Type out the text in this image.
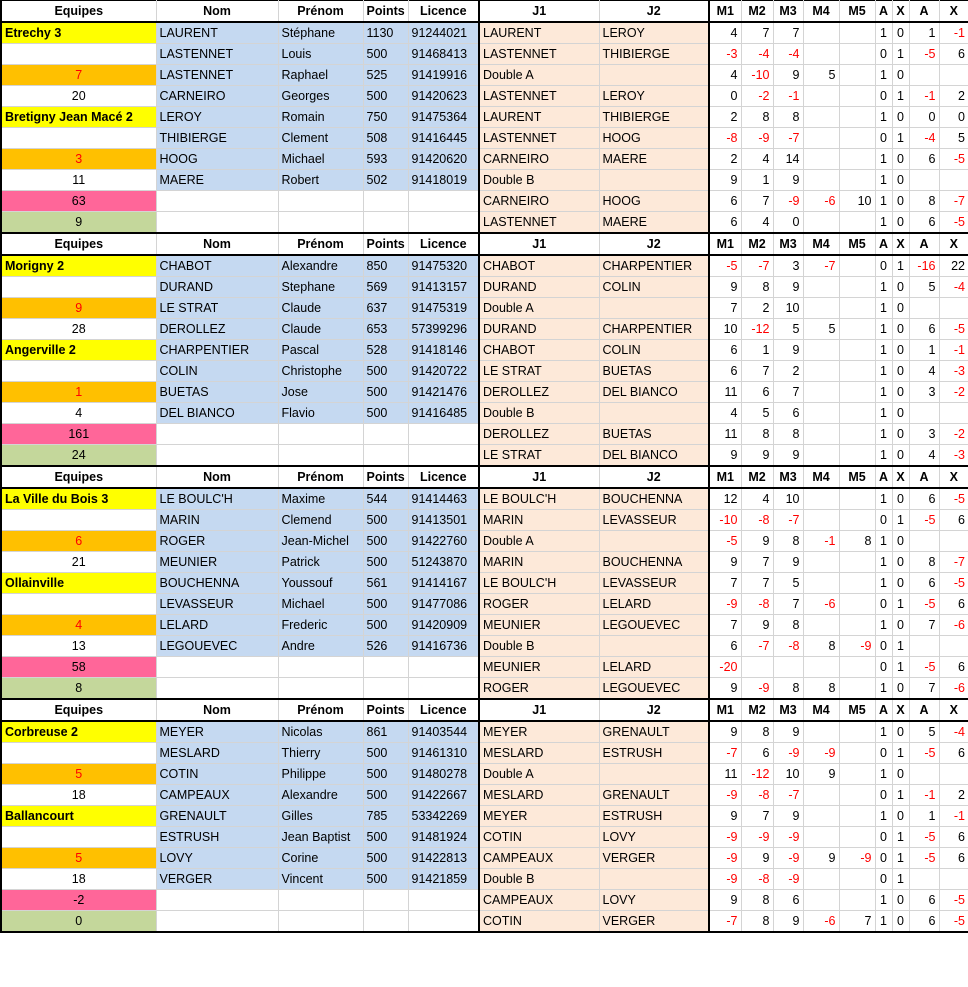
Equipes	Nom	Prénom	Points	Licence	J1	J2	M1	M2	M3	M4	M5	A	X	A	X
Etrechy 3	LAURENT	Stéphane	1130	91244021	LAURENT	LEROY	4	7	7			1	0	1	-1
	LASTENNET	Louis	500	91468413	LASTENNET	THIBIERGE	-3	-4	-4			0	1	-5	6
7	LASTENNET	Raphael	525	91419916	Double A		4	-10	9	5		1	0		
20	CARNEIRO	Georges	500	91420623	LASTENNET	LEROY	0	-2	-1			0	1	-1	2
Bretigny Jean Macé 2	LEROY	Romain	750	91475364	LAURENT	THIBIERGE	2	8	8			1	0	0	0
	THIBIERGE	Clement	508	91416445	LASTENNET	HOOG	-8	-9	-7			0	1	-4	5
3	HOOG	Michael	593	91420620	CARNEIRO	MAERE	2	4	14			1	0	6	-5
11	MAERE	Robert	502	91418019	Double B		9	1	9			1	0		
63					CARNEIRO	HOOG	6	7	-9	-6	10	1	0	8	-7
9					LASTENNET	MAERE	6	4	0			1	0	6	-5
Equipes	Nom	Prénom	Points	Licence	J1	J2	M1	M2	M3	M4	M5	A	X	A	X
Morigny 2	CHABOT	Alexandre	850	91475320	CHABOT	CHARPENTIER	-5	-7	3	-7		0	1	-16	22
	DURAND	Stephane	569	91413157	DURAND	COLIN	9	8	9			1	0	5	-4
9	LE STRAT	Claude	637	91475319	Double A		7	2	10			1	0		
28	DEROLLEZ	Claude	653	57399296	DURAND	CHARPENTIER	10	-12	5	5		1	0	6	-5
Angerville 2	CHARPENTIER	Pascal	528	91418146	CHABOT	COLIN	6	1	9			1	0	1	-1
	COLIN	Christophe	500	91420722	LE STRAT	BUETAS	6	7	2			1	0	4	-3
1	BUETAS	Jose	500	91421476	DEROLLEZ	DEL BIANCO	11	6	7			1	0	3	-2
4	DEL BIANCO	Flavio	500	91416485	Double B		4	5	6			1	0		
161					DEROLLEZ	BUETAS	11	8	8			1	0	3	-2
24					LE STRAT	DEL BIANCO	9	9	9			1	0	4	-3
Equipes	Nom	Prénom	Points	Licence	J1	J2	M1	M2	M3	M4	M5	A	X	A	X
La Ville du Bois 3	LE BOULC'H	Maxime	544	91414463	LE BOULC'H	BOUCHENNA	12	4	10			1	0	6	-5
	MARIN	Clemend	500	91413501	MARIN	LEVASSEUR	-10	-8	-7			0	1	-5	6
6	ROGER	Jean-Michel	500	91422760	Double A		-5	9	8	-1	8	1	0		
21	MEUNIER	Patrick	500	51243870	MARIN	BOUCHENNA	9	7	9			1	0	8	-7
Ollainville	BOUCHENNA	Youssouf	561	91414167	LE BOULC'H	LEVASSEUR	7	7	5			1	0	6	-5
	LEVASSEUR	Michael	500	91477086	ROGER	LELARD	-9	-8	7	-6		0	1	-5	6
4	LELARD	Frederic	500	91420909	MEUNIER	LEGOUEVEC	7	9	8			1	0	7	-6
13	LEGOUEVEC	Andre	526	91416736	Double B		6	-7	-8	8	-9	0	1		
58					MEUNIER	LELARD	-20					0	1	-5	6
8					ROGER	LEGOUEVEC	9	-9	8	8		1	0	7	-6
Equipes	Nom	Prénom	Points	Licence	J1	J2	M1	M2	M3	M4	M5	A	X	A	X
Corbreuse 2	MEYER	Nicolas	861	91403544	MEYER	GRENAULT	9	8	9			1	0	5	-4
	MESLARD	Thierry	500	91461310	MESLARD	ESTRUSH	-7	6	-9	-9		0	1	-5	6
5	COTIN	Philippe	500	91480278	Double A		11	-12	10	9		1	0		
18	CAMPEAUX	Alexandre	500	91422667	MESLARD	GRENAULT	-9	-8	-7			0	1	-1	2
Ballancourt	GRENAULT	Gilles	785	53342269	MEYER	ESTRUSH	9	7	9			1	0	1	-1
	ESTRUSH	Jean Baptist	500	91481924	COTIN	LOVY	-9	-9	-9			0	1	-5	6
5	LOVY	Corine	500	91422813	CAMPEAUX	VERGER	-9	9	-9	9	-9	0	1	-5	6
18	VERGER	Vincent	500	91421859	Double B		-9	-8	-9			0	1		
-2					CAMPEAUX	LOVY	9	8	6			1	0	6	-5
0					COTIN	VERGER	-7	8	9	-6	7	1	0	6	-5
